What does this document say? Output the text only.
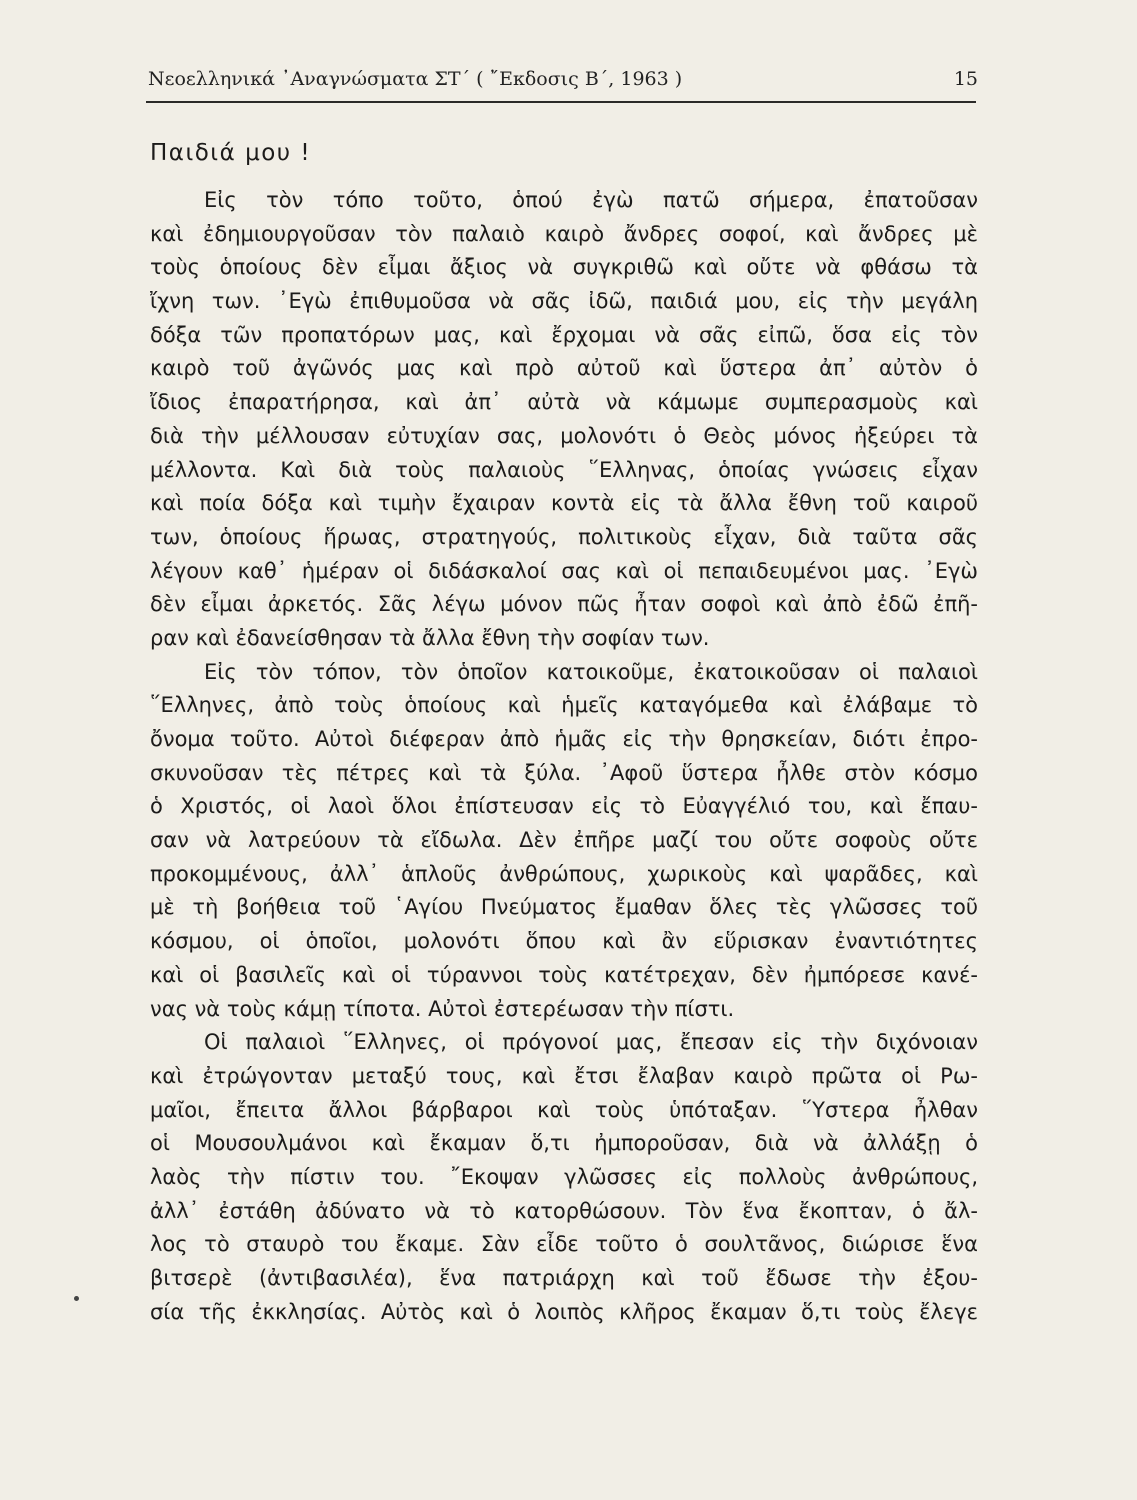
Νεοελληνικά ᾽Αναγνώσματα ΣΤ΄ ( ῎Εκδοσις Β΄, 1963 )	15
Παιδιά μου !
Εἰς τὸν τόπο τοῦτο, ὁπού ἐγὼ πατῶ σήμερα, ἐπατοῦσαν
καὶ ἐδημιουργοῦσαν τὸν παλαιὸ καιρὸ ἄνδρες σοφοί, καὶ ἄνδρες μὲ
τοὺς ὁποίους δὲν εἶμαι ἄξιος νὰ συγκριθῶ καὶ οὔτε νὰ φθάσω τὰ
ἴχνη των. ᾽Εγὼ ἐπιθυμοῦσα νὰ σᾶς ἰδῶ, παιδιά μου, εἰς τὴν μεγάλη
δόξα τῶν προπατόρων μας, καὶ ἔρχομαι νὰ σᾶς εἰπῶ, ὅσα εἰς τὸν
καιρὸ τοῦ ἀγῶνός μας καὶ πρὸ αὐτοῦ καὶ ὕστερα ἀπ᾽ αὐτὸν ὁ
ἴδιος ἐπαρατήρησα, καὶ ἀπ᾽ αὐτὰ νὰ κάμωμε συμπερασμοὺς καὶ
διὰ τὴν μέλλουσαν εὐτυχίαν σας, μολονότι ὁ Θεὸς μόνος ἠξεύρει τὰ
μέλλοντα. Καὶ διὰ τοὺς παλαιοὺς ῞Ελληνας, ὁποίας γνώσεις εἶχαν
καὶ ποία δόξα καὶ τιμὴν ἔχαιραν κοντὰ εἰς τὰ ἄλλα ἔθνη τοῦ καιροῦ
των, ὁποίους ἥρωας, στρατηγούς, πολιτικοὺς εἶχαν, διὰ ταῦτα σᾶς
λέγουν καθ᾽ ἡμέραν οἱ διδάσκαλοί σας καὶ οἱ πεπαιδευμένοι μας. ᾽Εγὼ
δὲν εἶμαι ἀρκετός. Σᾶς λέγω μόνον πῶς ἦταν σοφοὶ καὶ ἀπὸ ἐδῶ ἐπῆ-
ραν καὶ ἐδανείσθησαν τὰ ἄλλα ἔθνη τὴν σοφίαν των.
Εἰς τὸν τόπον, τὸν ὁποῖον κατοικοῦμε, ἐκατοικοῦσαν οἱ παλαιοὶ
῞Ελληνες, ἀπὸ τοὺς ὁποίους καὶ ἡμεῖς καταγόμεθα καὶ ἐλάβαμε τὸ
ὄνομα τοῦτο. Αὐτοὶ διέφεραν ἀπὸ ἡμᾶς εἰς τὴν θρησκείαν, διότι ἐπρο-
σκυνοῦσαν τὲς πέτρες καὶ τὰ ξύλα. ᾽Αφοῦ ὕστερα ἦλθε στὸν κόσμο
ὁ Χριστός, οἱ λαοὶ ὅλοι ἐπίστευσαν εἰς τὸ Εὐαγγέλιό του, καὶ ἔπαυ-
σαν νὰ λατρεύουν τὰ εἴδωλα. Δὲν ἐπῆρε μαζί του οὔτε σοφοὺς οὔτε
προκομμένους, ἀλλ᾽ ἁπλοῦς ἀνθρώπους, χωρικοὺς καὶ ψαρᾶδες, καὶ
μὲ τὴ βοήθεια τοῦ ῾Αγίου Πνεύματος ἔμαθαν ὅλες τὲς γλῶσσες τοῦ
κόσμου, οἱ ὁποῖοι, μολονότι ὅπου καὶ ἂν εὕρισκαν ἐναντιότητες
καὶ οἱ βασιλεῖς καὶ οἱ τύραννοι τοὺς κατέτρεχαν, δὲν ἠμπόρεσε κανέ-
νας νὰ τοὺς κάμῃ τίποτα. Αὐτοὶ ἐστερέωσαν τὴν πίστι.
Οἱ παλαιοὶ ῞Ελληνες, οἱ πρόγονοί μας, ἔπεσαν εἰς τὴν διχόνοιαν
καὶ ἐτρώγονταν μεταξύ τους, καὶ ἔτσι ἔλαβαν καιρὸ πρῶτα οἱ Ρω-
μαῖοι, ἔπειτα ἄλλοι βάρβαροι καὶ τοὺς ὑπόταξαν. ῞Υστερα ἦλθαν
οἱ Μουσουλμάνοι καὶ ἔκαμαν ὅ,τι ἠμποροῦσαν, διὰ νὰ ἀλλάξῃ ὁ
λαὸς τὴν πίστιν του. ῎Εκοψαν γλῶσσες εἰς πολλοὺς ἀνθρώπους,
ἀλλ᾽ ἐστάθη ἀδύνατο νὰ τὸ κατορθώσουν. Τὸν ἕνα ἔκοπταν, ὁ ἄλ-
λος τὸ σταυρὸ του ἔκαμε. Σὰν εἶδε τοῦτο ὁ σουλτᾶνος, διώρισε ἕνα
βιτσερὲ (ἀντιβασιλέα), ἕνα πατριάρχη καὶ τοῦ ἔδωσε τὴν ἐξου-
σία τῆς ἐκκλησίας. Αὐτὸς καὶ ὁ λοιπὸς κλῆρος ἔκαμαν ὅ,τι τοὺς ἔλεγε
